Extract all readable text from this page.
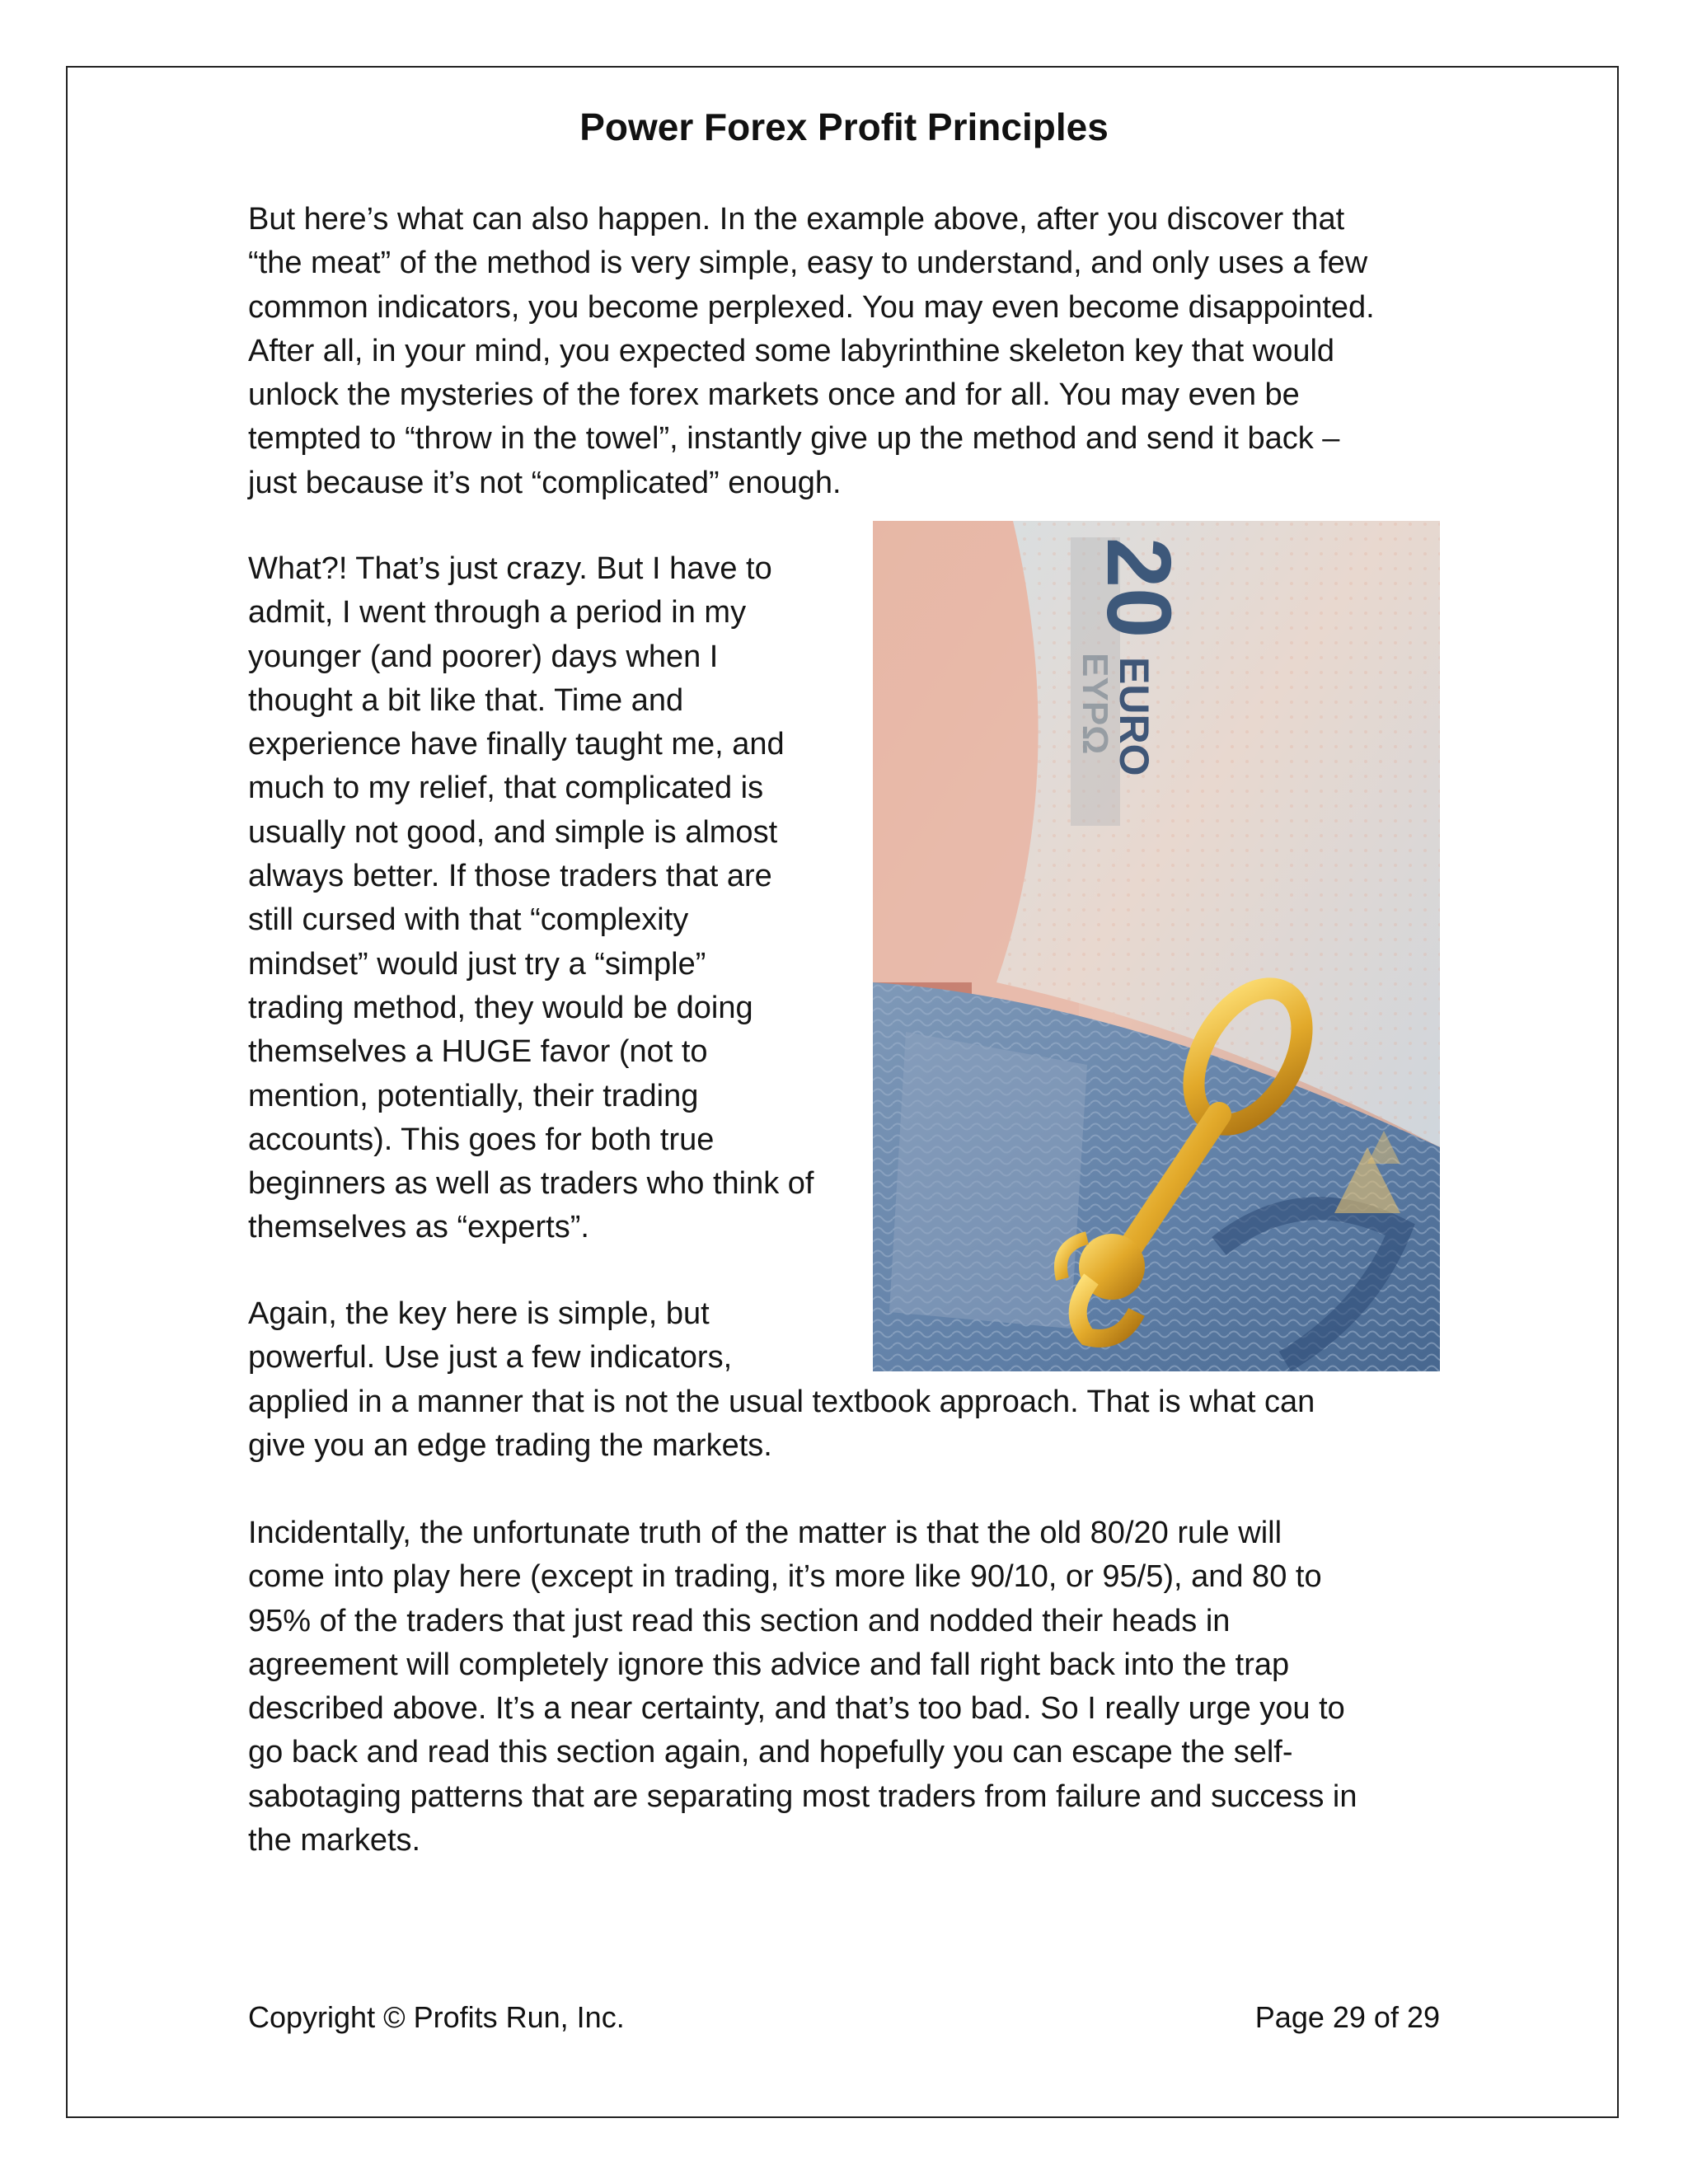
Power Forex Profit Principles
But here’s what can also happen. In the example above, after you discover that
“the meat” of the method is very simple, easy to understand, and only uses a few
common indicators, you become perplexed. You may even become disappointed.
After all, in your mind, you expected some labyrinthine skeleton key that would
unlock the mysteries of the forex markets once and for all. You may even be
tempted to “throw in the towel”, instantly give up the method and send it back –
just because it’s not “complicated” enough.
What?! That’s just crazy. But I have to
admit, I went through a period in my
younger (and poorer) days when I
thought a bit like that. Time and
experience have finally taught me, and
much to my relief, that complicated is
usually not good, and simple is almost
always better. If those traders that are
still cursed with that “complexity
mindset” would just try a “simple”
trading method, they would be doing
themselves a HUGE favor (not to
mention, potentially, their trading
accounts). This goes for both true
beginners as well as traders who think of
themselves as “experts”.
Again, the key here is simple, but
powerful. Use just a few indicators,
applied in a manner that is not the usual textbook approach. That is what can
give you an edge trading the markets.
Incidentally, the unfortunate truth of the matter is that the old 80/20 rule will
come into play here (except in trading, it’s more like 90/10, or 95/5), and 80 to
95% of the traders that just read this section and nodded their heads in
agreement will completely ignore this advice and fall right back into the trap
described above. It’s a near certainty, and that’s too bad. So I really urge you to
go back and read this section again, and hopefully you can escape the self-
sabotaging patterns that are separating most traders from failure and success in
the markets.
20
EURO
ΕΥΡΩ
Copyright © Profits Run, Inc.	Page 29 of 29
